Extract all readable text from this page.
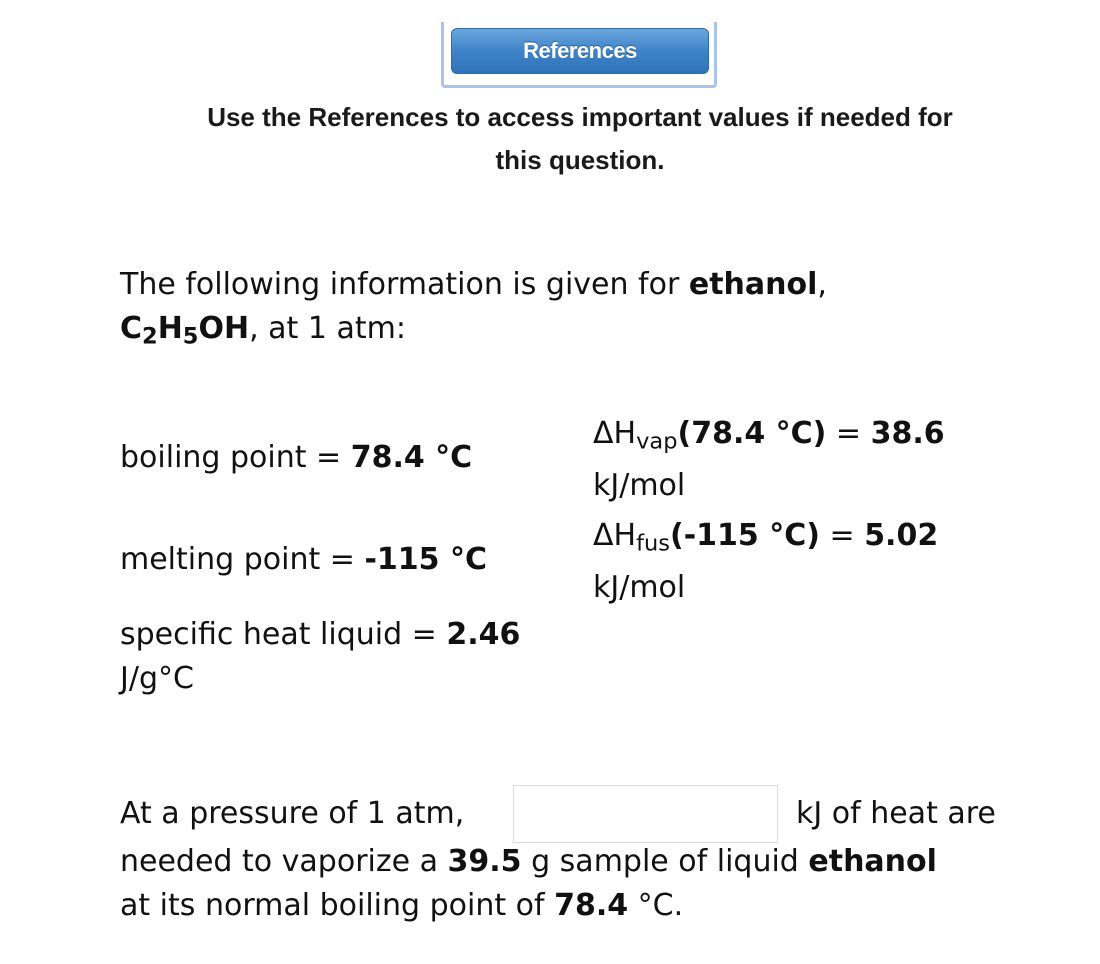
References
Use the References to access important values if needed for
this question.
The following information is given for ethanol,
$C_2H_5OH$, at 1 atm:
boiling point = 78.4 °C
melting point = -115 °C
specific heat liquid = 2.46
J/g°C
$\Delta H_{vap}(78.4$ °C) = 38.6
kJ/mol
$\Delta H_{fus}(-115$ °C) = 5.02
kJ/mol
At a pressure of 1 atm,	kJ of heat are
needed to vaporize a 39.5 g sample of liquid ethanol
at its normal boiling point of 78.4 °C.
